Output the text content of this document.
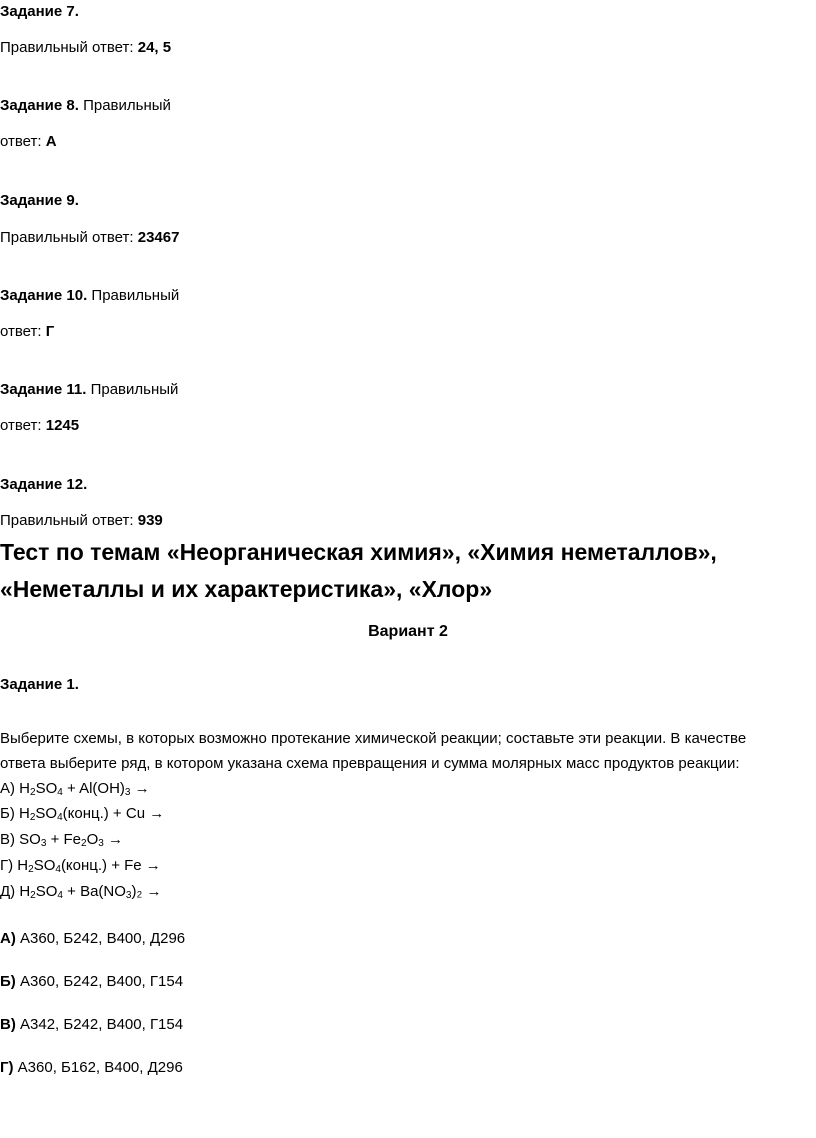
Задание 7.
Правильный ответ: 24, 5
Задание 8. Правильный
ответ: А
Задание 9.
Правильный ответ: 23467
Задание 10. Правильный
ответ: Г
Задание 11. Правильный
ответ: 1245
Задание 12.
Правильный ответ: 939
Тест по темам «Неорганическая химия», «Химия неметаллов»,
«Неметаллы и их характеристика», «Хлор»
Вариант 2
Задание 1.
Выберите схемы, в которых возможно протекание химической реакции; составьте эти реакции. В качестве
ответа выберите ряд, в котором указана схема превращения и сумма молярных масс продуктов реакции:
А) H2SO4 + Al(OH)3 →
Б) H2SO4(конц.) + Cu →
В) SO3 + Fe2O3 →
Г) H2SO4(конц.) + Fe →
Д) H2SO4 + Ba(NO3)₂ →
А) А360, Б242, В400, Д296
Б) А360, Б242, В400, Г154
В) А342, Б242, В400, Г154
Г) А360, Б162, В400, Д296
